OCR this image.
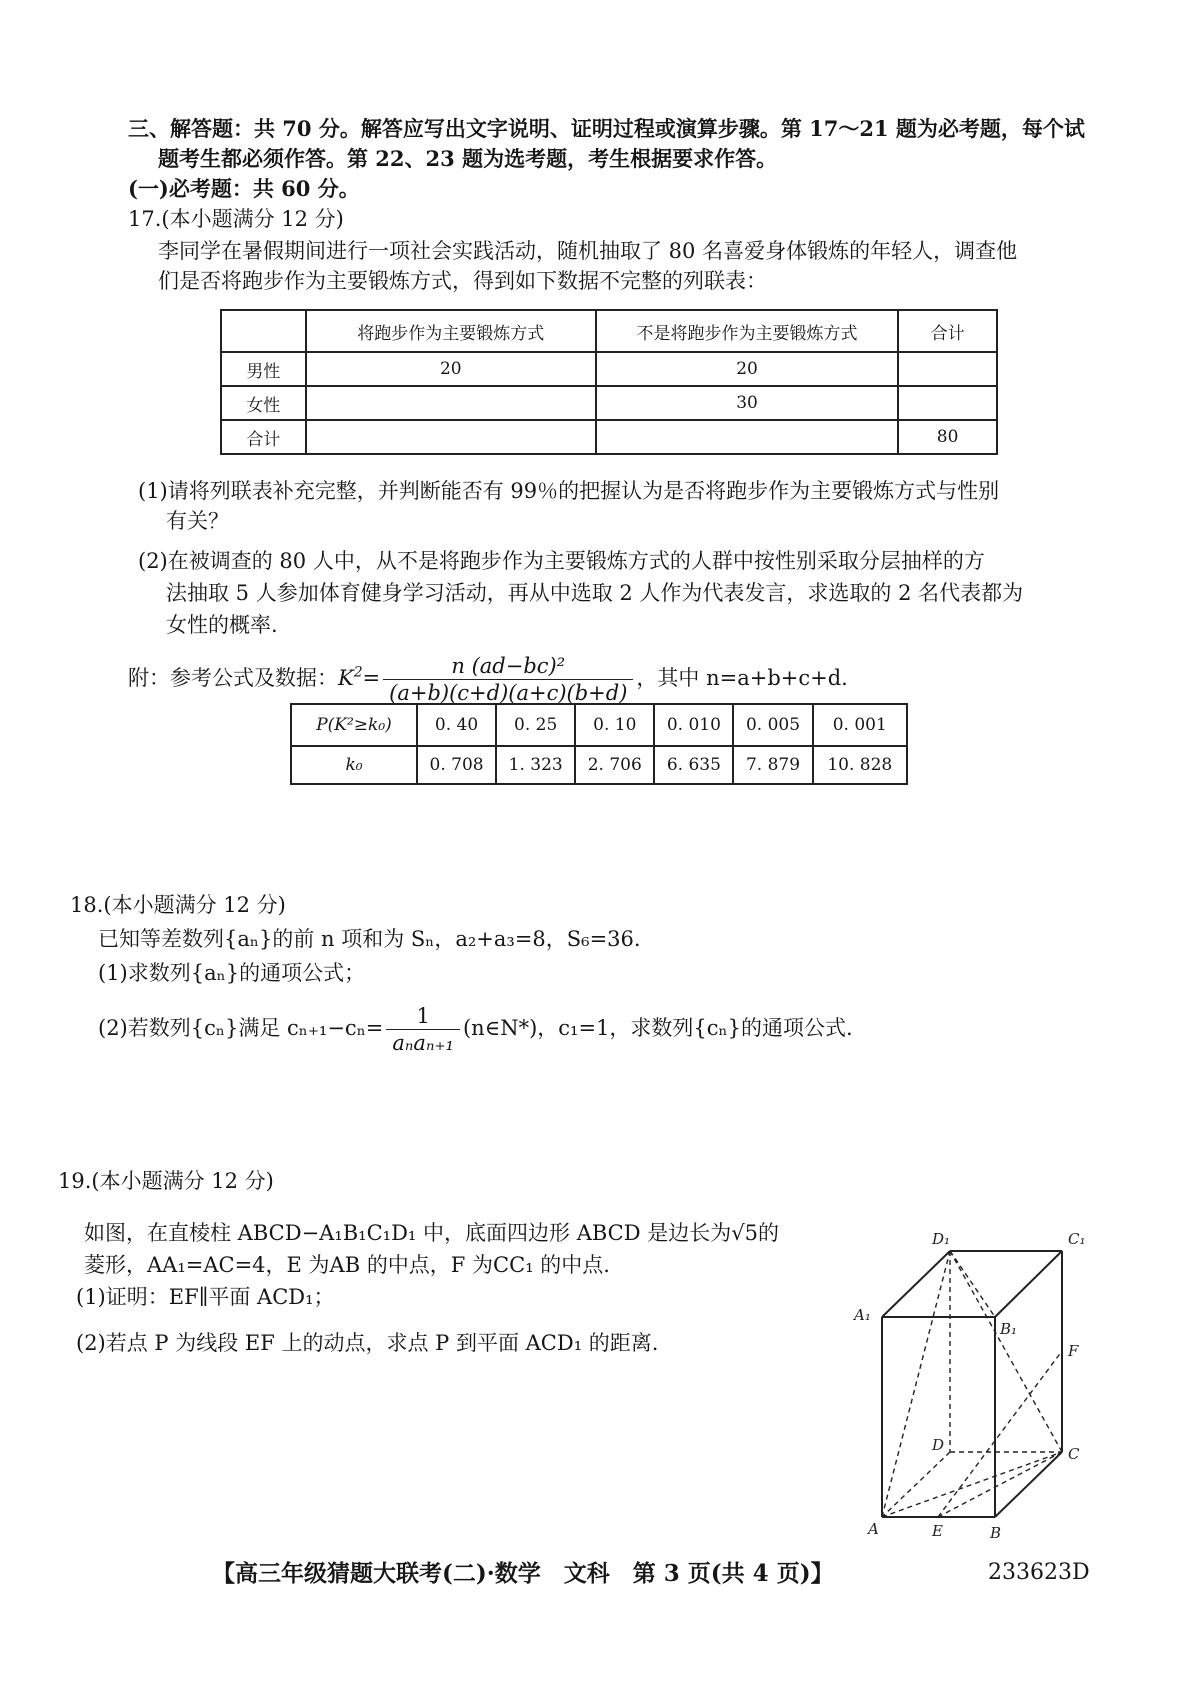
三、解答题：共 70 分。解答应写出文字说明、证明过程或演算步骤。第 17～21 题为必考题，每个试
题考生都必须作答。第 22、23 题为选考题，考生根据要求作答。
(一)必考题：共 60 分。
17.(本小题满分 12 分)
李同学在暑假期间进行一项社会实践活动，随机抽取了 80 名喜爱身体锻炼的年轻人，调查他
们是否将跑步作为主要锻炼方式，得到如下数据不完整的列联表：
	将跑步作为主要锻炼方式	不是将跑步作为主要锻炼方式	合计
男性	20	20	
女性		30	
合计			80
(1)请将列联表补充完整，并判断能否有 99％的把握认为是否将跑步作为主要锻炼方式与性别
有关？
(2)在被调查的 80 人中，从不是将跑步作为主要锻炼方式的人群中按性别采取分层抽样的方
法抽取 5 人参加体育健身学习活动，再从中选取 2 人作为代表发言，求选取的 2 名代表都为
女性的概率.
附：参考公式及数据：$K^2= \frac{\text{n (ad−bc)²}}{(a+b)(c+d)(a+c)(b+d)}$ ，其中 n=a+b+c+d.
P(K²≥k₀)	0. 40	0. 25	0. 10	0. 010	0. 005	0. 001
k₀	0. 708	1. 323	2. 706	6. 635	7. 879	10. 828
18.(本小题满分 12 分)
已知等差数列{aₙ}的前 n 项和为 Sₙ，a₂+a₃=8，S₆=36.
(1)求数列{aₙ}的通项公式；
(2)若数列{cₙ}满足 $c_{n+1}-c_n= \frac{1}{\text{aₙaₙ₊₁}}$ (n∈N*)，c₁=1，求数列{cₙ}的通项公式.
19.(本小题满分 12 分)
如图，在直棱柱 ABCD−A₁B₁C₁D₁ 中，底面四边形 ABCD 是边长为√5的
菱形，AA₁=AC=4，E 为AB 的中点，F 为CC₁ 的中点.
(1)证明：EF∥平面 ACD₁；
(2)若点 P 为线段 EF 上的动点，求点 P 到平面 ACD₁ 的距离.
D₁	C₁
A₁
B₁
F
D	C
A	E	B
【高三年级猜题大联考(二)·数学　文科　第 3 页(共 4 页)】	233623D
